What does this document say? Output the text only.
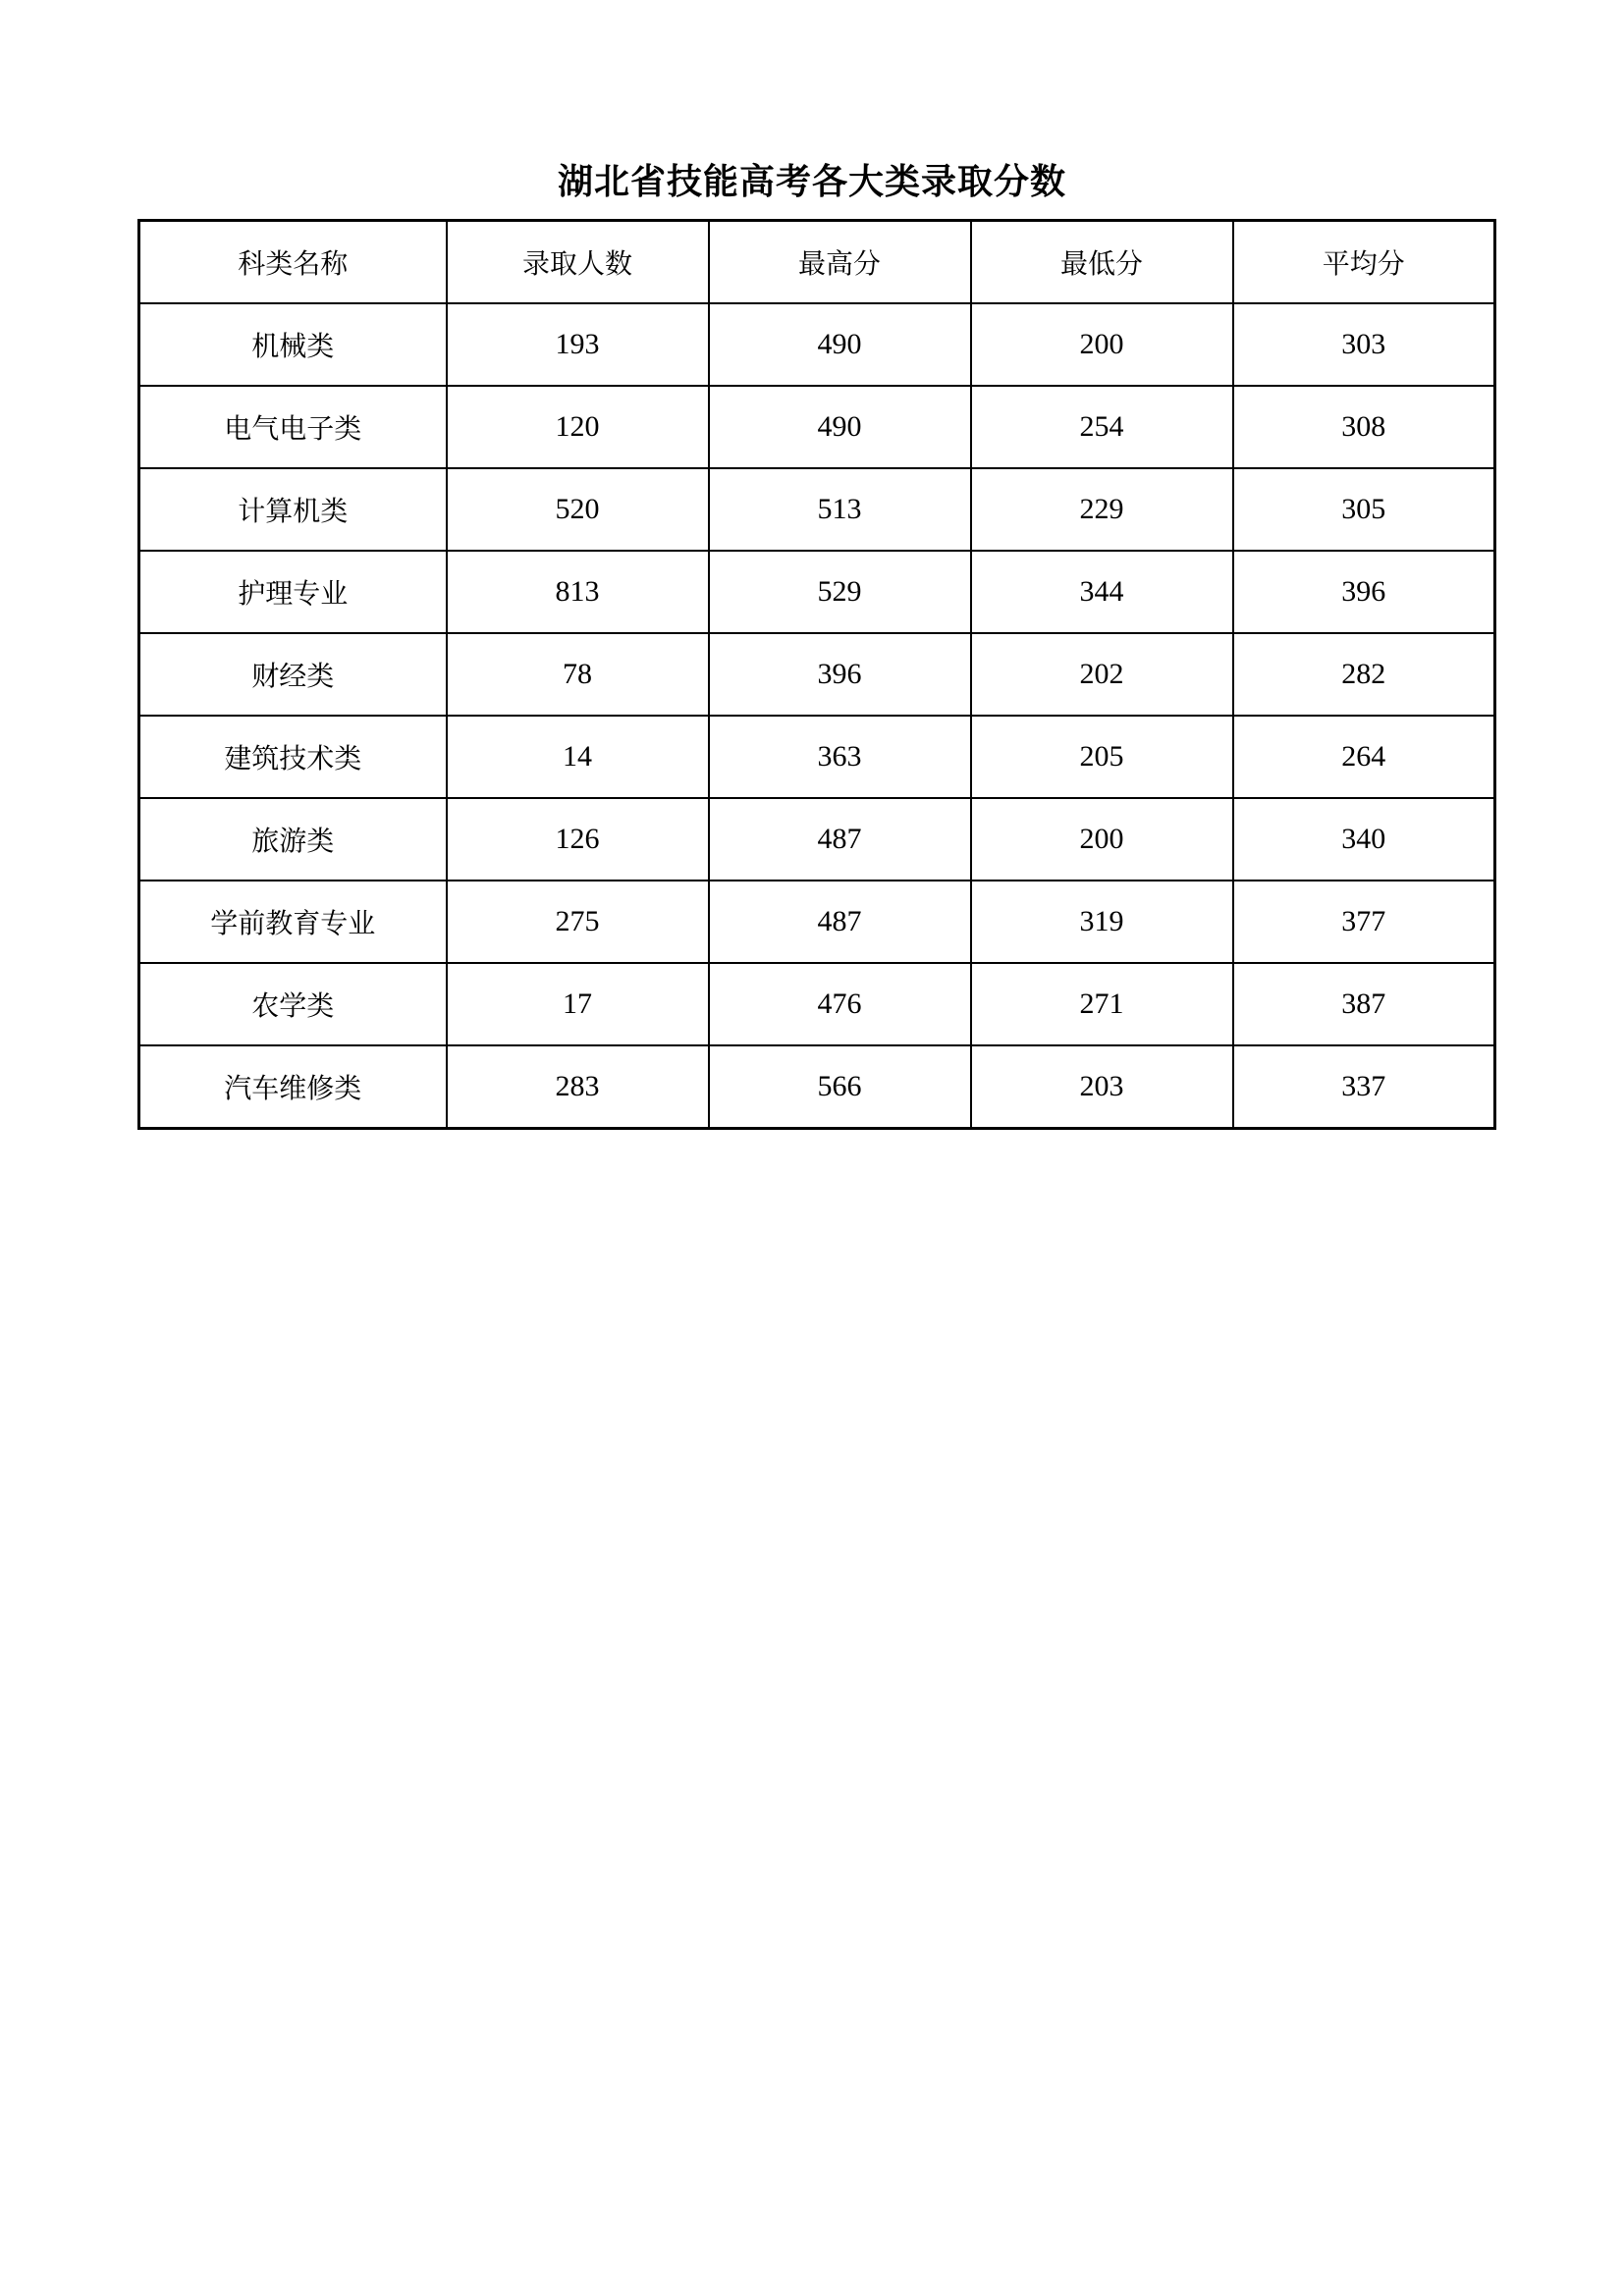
湖北省技能高考各大类录取分数
科类名称	录取人数	最高分	最低分	平均分
机械类	193	490	200	303
电气电子类	120	490	254	308
计算机类	520	513	229	305
护理专业	813	529	344	396
财经类	78	396	202	282
建筑技术类	14	363	205	264
旅游类	126	487	200	340
学前教育专业	275	487	319	377
农学类	17	476	271	387
汽车维修类	283	566	203	337
